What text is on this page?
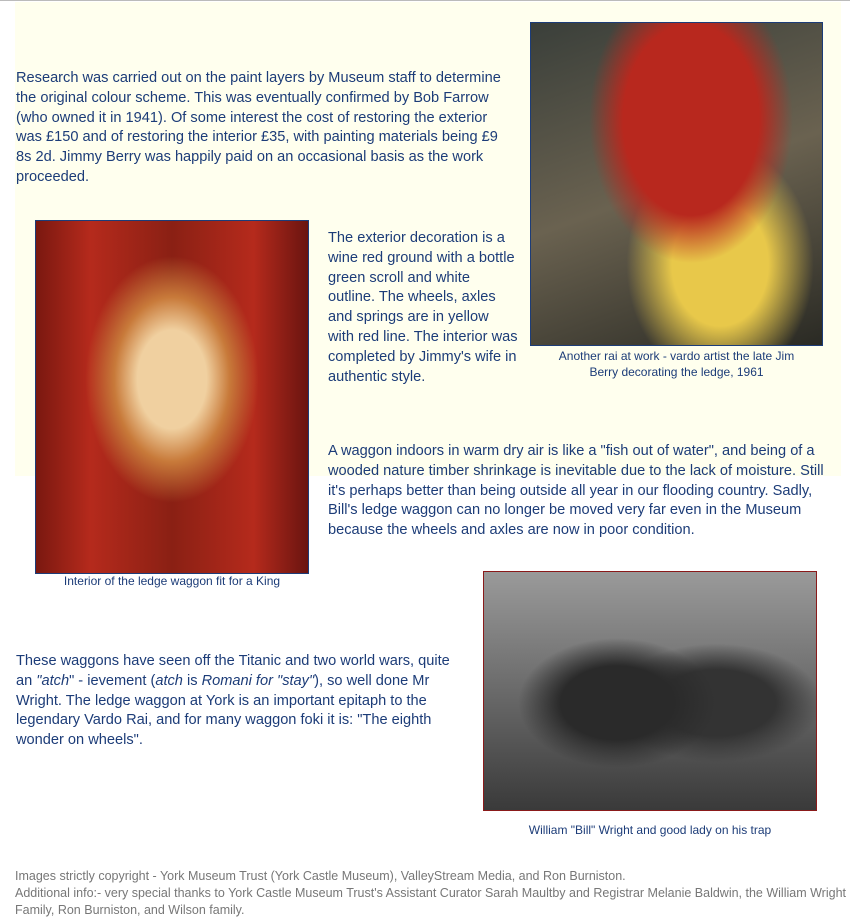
Research was carried out on the paint layers by Museum staff to determine the original colour scheme. This was eventually confirmed by Bob Farrow (who owned it in 1941). Of some interest the cost of restoring the exterior was £150 and of restoring the interior £35, with painting materials being £9 8s 2d. Jimmy Berry was happily paid on an occasional basis as the work proceeded.

Another rai at work - vardo artist the late Jim Berry decorating the ledge, 1961
Interior of the ledge waggon fit for a King

The exterior decoration is a wine red ground with a bottle green scroll and white outline. The wheels, axles and springs are in yellow with red line. The interior was completed by Jimmy's wife in authentic style.

A waggon indoors in warm dry air is like a "fish out of water", and being of a wooded nature timber shrinkage is inevitable due to the lack of moisture. Still it's perhaps better than being outside all year in our flooding country. Sadly, Bill's ledge waggon can no longer be moved very far even in the Museum because the wheels and axles are now in poor condition.

These waggons have seen off the Titanic and two world wars, quite an "atch" - ievement (atch is Romani for "stay"), so well done Mr Wright. The ledge waggon at York is an important epitaph to the legendary Vardo Rai, and for many waggon foki it is: "The eighth wonder on wheels".

William "Bill" Wright and good lady on his trap
Images strictly copyright - York Museum Trust (York Castle Museum), ValleyStream Media, and Ron Burniston.
Additional info:- very special thanks to York Castle Museum Trust's Assistant Curator Sarah Maultby and Registrar Melanie Baldwin, the William Wright Family, Ron Burniston, and Wilson family.
